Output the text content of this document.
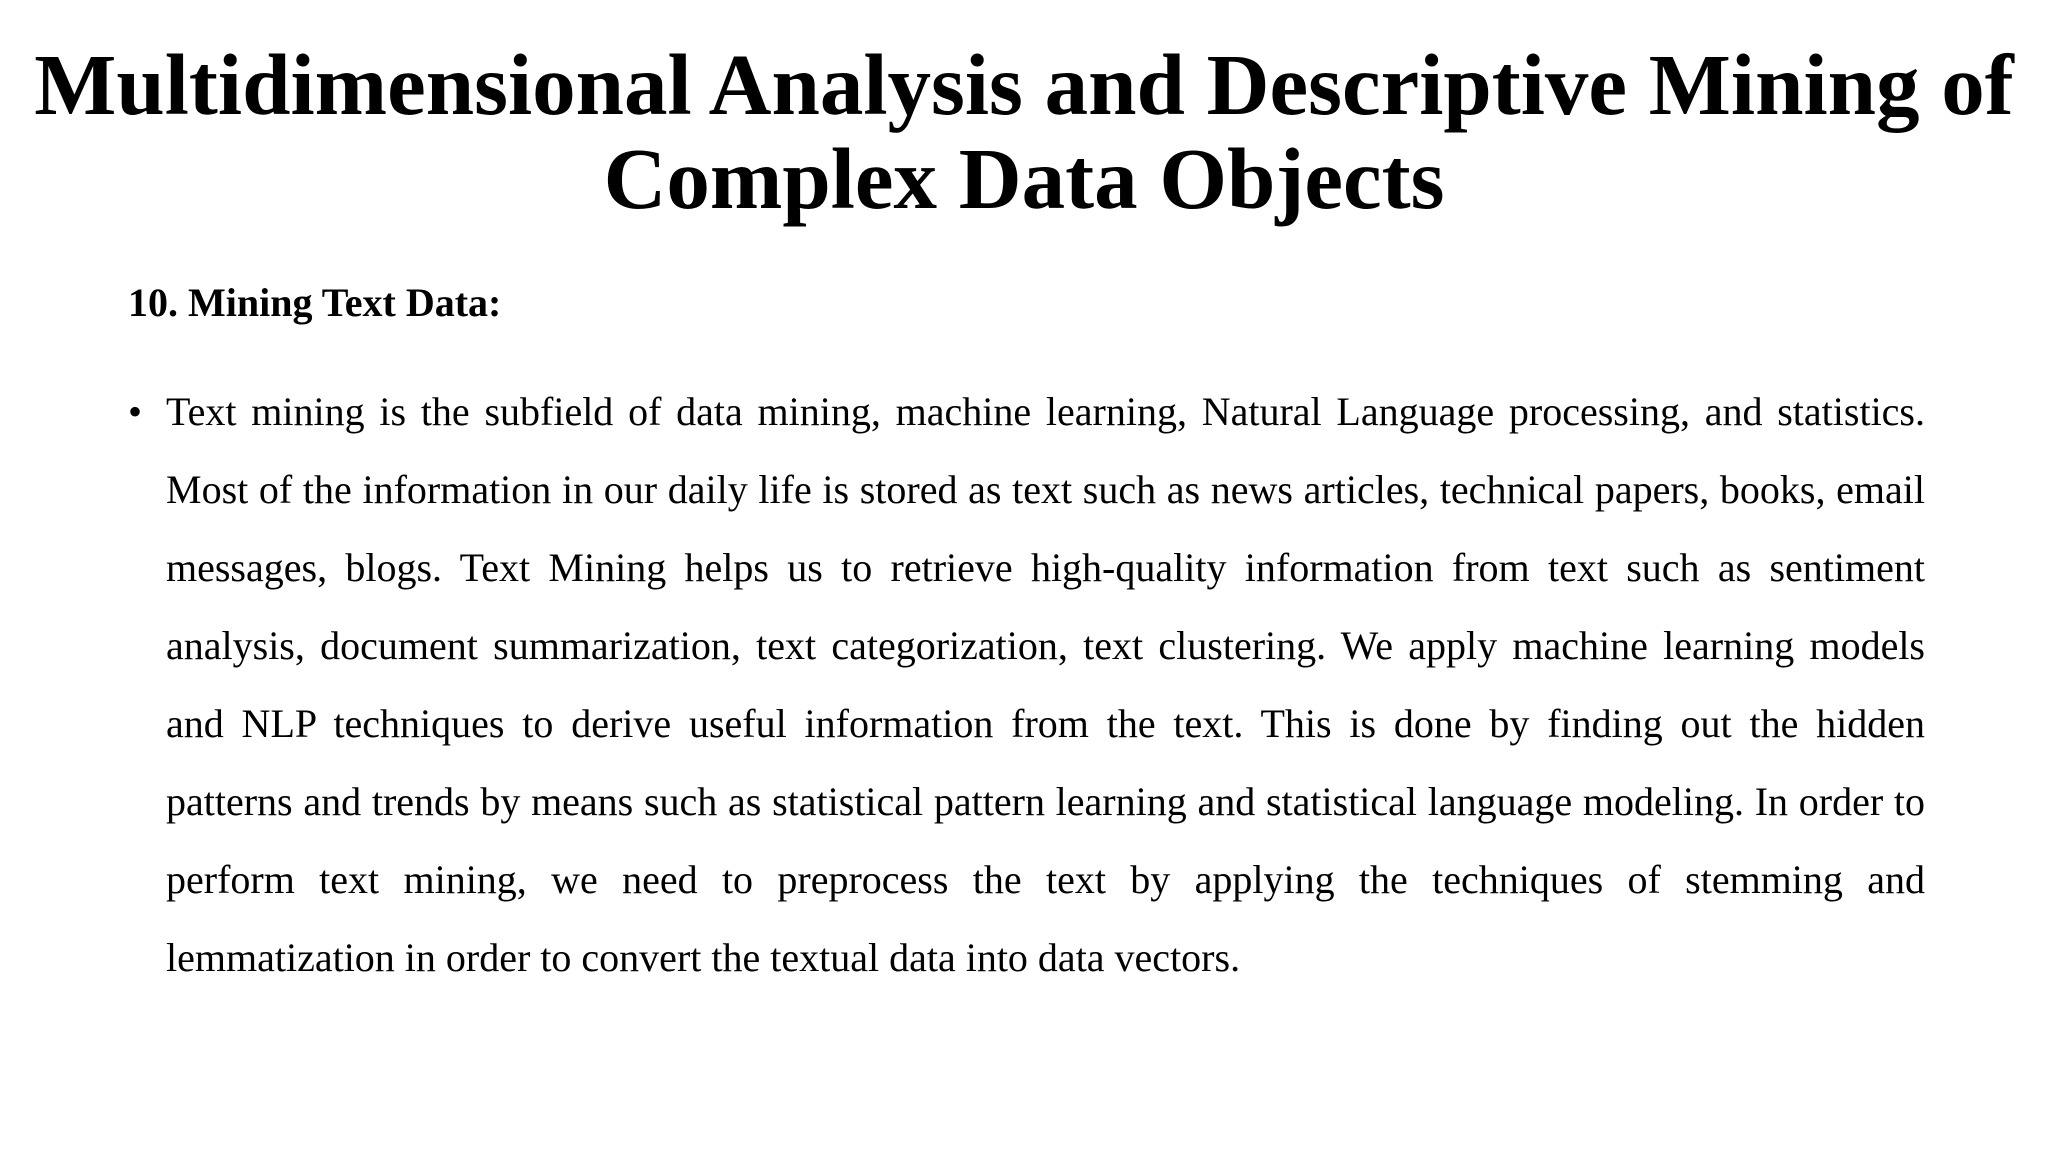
Multidimensional Analysis and Descriptive Mining of Complex Data Objects
10. Mining Text Data:
• Text mining is the subfield of data mining, machine learning, Natural Language processing, and statistics. Most of the information in our daily life is stored as text such as news articles, technical papers, books, email messages, blogs. Text Mining helps us to retrieve high-quality information from text such as sentiment analysis, document summarization, text categorization, text clustering. We apply machine learning models and NLP techniques to derive useful information from the text. This is done by finding out the hidden patterns and trends by means such as statistical pattern learning and statistical language modeling. In order to perform text mining, we need to preprocess the text by applying the techniques of stemming and lemmatization in order to convert the textual data into data vectors.
